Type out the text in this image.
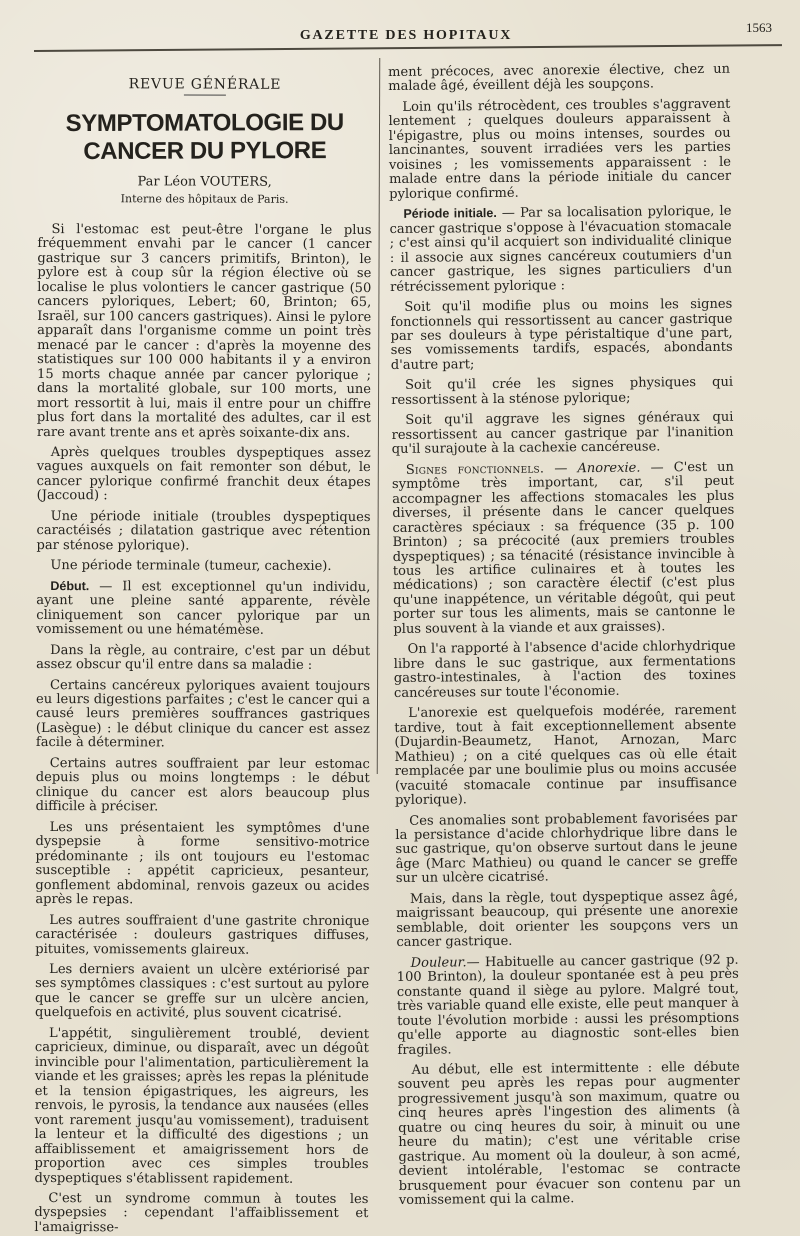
GAZETTE DES HOPITAUX
1563
REVUE GÉNÉRALE
SYMPTOMATOLOGIE DU CANCER DU PYLORE
Par Léon VOUTERS,
Interne des hôpitaux de Paris.

Si l'estomac est peut-être l'organe le plus fréquemment envahi par le cancer (1 cancer gastrique sur 3 cancers primitifs, Brinton), le pylore est à coup sûr la région élective où se localise le plus volontiers le cancer gastrique (50 cancers pyloriques, Lebert; 60, Brinton; 65, Israël, sur 100 cancers gastriques). Ainsi le pylore apparaît dans l'organisme comme un point très menacé par le cancer : d'après la moyenne des statistiques sur 100 000 habitants il y a environ 15 morts chaque année par cancer pylorique ; dans la mortalité globale, sur 100 morts, une mort ressortit à lui, mais il entre pour un chiffre plus fort dans la mortalité des adultes, car il est rare avant trente ans et après soixante-dix ans.

Après quelques troubles dyspeptiques assez vagues auxquels on fait remonter son début, le cancer pylorique confirmé franchit deux étapes (Jaccoud) :

Une période initiale (troubles dyspeptiques caractéisés ; dilatation gastrique avec rétention par sténose pylorique).

Une période terminale (tumeur, cachexie).

Début. — Il est exceptionnel qu'un individu, ayant une pleine santé apparente, révèle cliniquement son cancer pylorique par un vomissement ou une hématémèse.

Dans la règle, au contraire, c'est par un début assez obscur qu'il entre dans sa maladie :

Certains cancéreux pyloriques avaient toujours eu leurs digestions parfaites ; c'est le cancer qui a causé leurs premières souffrances gastriques (Lasègue) : le début clinique du cancer est assez facile à déterminer.

Certains autres souffraient par leur estomac depuis plus ou moins longtemps : le début clinique du cancer est alors beaucoup plus difficile à préciser.

Les uns présentaient les symptômes d'une dyspepsie à forme sensitivo-motrice prédominante ; ils ont toujours eu l'estomac susceptible : appétit capricieux, pesanteur, gonflement abdominal, renvois gazeux ou acides après le repas.

Les autres souffraient d'une gastrite chronique caractérisée : douleurs gastriques diffuses, pituites, vomissements glaireux.

Les derniers avaient un ulcère extériorisé par ses symptômes classiques : c'est surtout au pylore que le cancer se greffe sur un ulcère ancien, quelquefois en activité, plus souvent cicatrisé.

L'appétit, singulièrement troublé, devient capricieux, diminue, ou disparaît, avec un dégoût invincible pour l'alimentation, particulièrement la viande et les graisses; après les repas la plénitude et la tension épigastriques, les aigreurs, les renvois, le pyrosis, la tendance aux nausées (elles vont rarement jusqu'au vomissement), traduisent la lenteur et la difficulté des digestions ; un affaiblissement et amaigrissement hors de proportion avec ces simples troubles dyspeptiques s'établissent rapidement.

C'est un syndrome commun à toutes les dyspepsies : cependant l'affaiblissement et l'amaigrisse-

ment précoces, avec anorexie élective, chez un malade âgé, éveillent déjà les soupçons.

Loin qu'ils rétrocèdent, ces troubles s'aggravent lentement ; quelques douleurs apparaissent à l'épigastre, plus ou moins intenses, sourdes ou lancinantes, souvent irradiées vers les parties voisines ; les vomissements apparaissent : le malade entre dans la période initiale du cancer pylorique confirmé.

Période initiale. — Par sa localisation pylorique, le cancer gastrique s'oppose à l'évacuation stomacale ; c'est ainsi qu'il acquiert son individualité clinique : il associe aux signes cancéreux coutumiers d'un cancer gastrique, les signes particuliers d'un rétrécissement pylorique :

Soit qu'il modifie plus ou moins les signes fonctionnels qui ressortissent au cancer gastrique par ses douleurs à type péristaltique d'une part, ses vomissements tardifs, espacés, abondants d'autre part;

Soit qu'il crée les signes physiques qui ressortissent à la sténose pylorique;

Soit qu'il aggrave les signes généraux qui ressortissent au cancer gastrique par l'inanition qu'il surajoute à la cachexie cancéreuse.

Signes fonctionnels. — Anorexie. — C'est un symptôme très important, car, s'il peut accompagner les affections stomacales les plus diverses, il présente dans le cancer quelques caractères spéciaux : sa fréquence (35 p. 100 Brinton) ; sa précocité (aux premiers troubles dyspeptiques) ; sa ténacité (résistance invincible à tous les artifice culinaires et à toutes les médications) ; son caractère électif (c'est plus qu'une inappétence, un véritable dégoût, qui peut porter sur tous les aliments, mais se cantonne le plus souvent à la viande et aux graisses).

On l'a rapporté à l'absence d'acide chlorhydrique libre dans le suc gastrique, aux fermentations gastro-intestinales, à l'action des toxines cancéreuses sur toute l'économie.

L'anorexie est quelquefois modérée, rarement tardive, tout à fait exceptionnellement absente (Dujardin-Beaumetz, Hanot, Arnozan, Marc Mathieu) ; on a cité quelques cas où elle était remplacée par une boulimie plus ou moins accusée (vacuité stomacale continue par insuffisance pylorique).

Ces anomalies sont probablement favorisées par la persistance d'acide chlorhydrique libre dans le suc gastrique, qu'on observe surtout dans le jeune âge (Marc Mathieu) ou quand le cancer se greffe sur un ulcère cicatrisé.

Mais, dans la règle, tout dyspeptique assez âgé, maigrissant beaucoup, qui présente une anorexie semblable, doit orienter les soupçons vers un cancer gastrique.

Douleur.— Habituelle au cancer gastrique (92 p. 100 Brinton), la douleur spontanée est à peu près constante quand il siège au pylore. Malgré tout, très variable quand elle existe, elle peut manquer à toute l'évolution morbide : aussi les présomptions qu'elle apporte au diagnostic sont-elles bien fragiles.

Au début, elle est intermittente : elle débute souvent peu après les repas pour augmenter progressivement jusqu'à son maximum, quatre ou cinq heures après l'ingestion des aliments (à quatre ou cinq heures du soir, à minuit ou une heure du matin); c'est une véritable crise gastrique. Au moment où la douleur, à son acmé, devient intolérable, l'estomac se contracte brusquement pour évacuer son contenu par un vomissement qui la calme.
